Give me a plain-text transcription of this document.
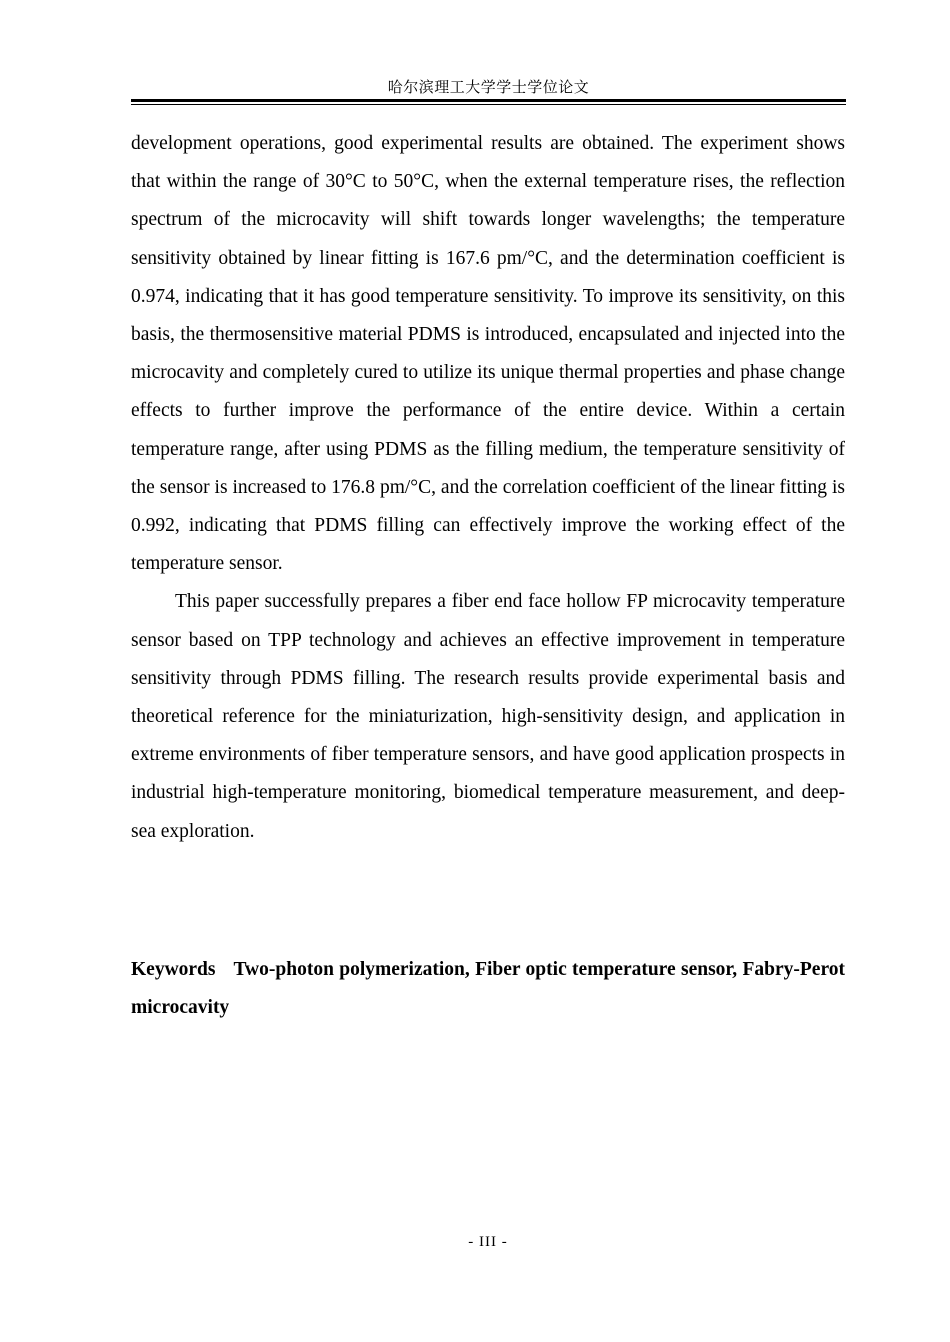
哈尔滨理工大学学士学位论文

development operations, good experimental results are obtained. The experiment shows that within the range of 30°C to 50°C, when the external temperature rises, the reflection spectrum of the microcavity will shift towards longer wavelengths; the temperature sensitivity obtained by linear fitting is 167.6 pm/°C, and the determination coefficient is 0.974, indicating that it has good temperature sensitivity. To improve its sensitivity, on this basis, the thermosensitive material PDMS is introduced, encapsulated and injected into the microcavity and completely cured to utilize its unique thermal properties and phase change effects to further improve the performance of the entire device. Within a certain temperature range, after using PDMS as the filling medium, the temperature sensitivity of the sensor is increased to 176.8 pm/°C, and the correlation coefficient of the linear fitting is 0.992, indicating that PDMS filling can effectively improve the working effect of the temperature sensor.

This paper successfully prepares a fiber end face hollow FP microcavity temperature sensor based on TPP technology and achieves an effective improvement in temperature sensitivity through PDMS filling. The research results provide experimental basis and theoretical reference for the miniaturization, high-sensitivity design, and application in extreme environments of fiber temperature sensors, and have good application prospects in industrial high-temperature monitoring, biomedical temperature measurement, and deep-sea exploration.

Keywords Two-photon polymerization, Fiber optic temperature sensor, Fabry-Perot microcavity

- III -
